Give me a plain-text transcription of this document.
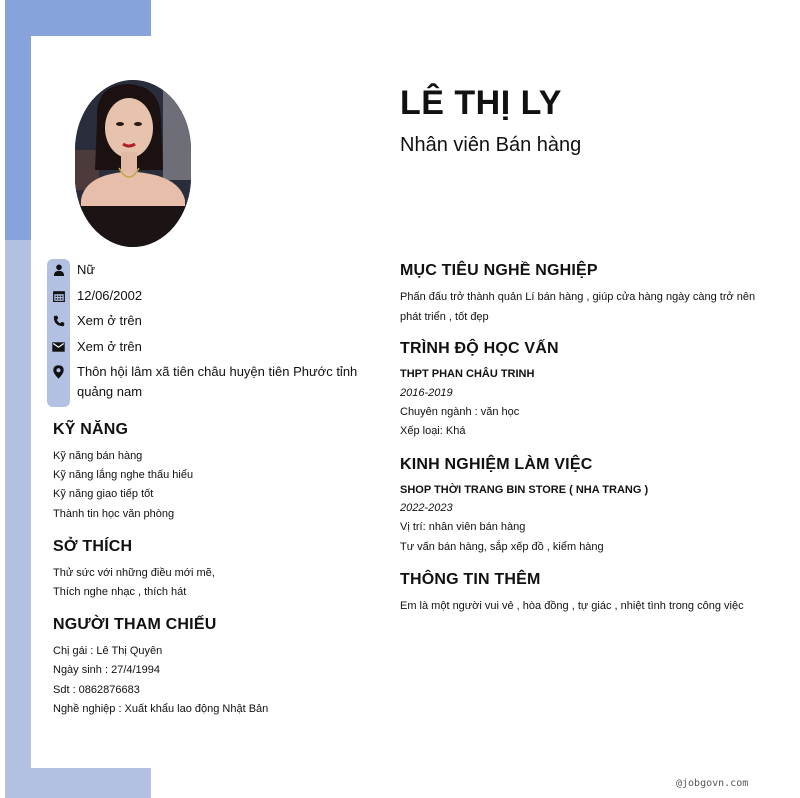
LÊ THỊ LY
Nhân viên Bán hàng
Nữ
12/06/2002
Xem ở trên
Xem ở trên
Thôn hội lâm xã tiên châu huyện tiên Phước tỉnh quảng nam
KỸ NĂNG
Kỹ năng bán hàng
Kỹ năng lắng nghe thấu hiểu
Kỹ năng giao tiếp tốt
Thành tin học văn phòng
SỞ THÍCH
Thử sức với những điều mới mẽ,
Thích nghe nhạc , thích hát
NGƯỜI THAM CHIẾU
Chị gái : Lê Thị Quyên
Ngày sinh : 27/4/1994
Sdt : 0862876683
Nghề nghiệp : Xuất khẩu lao động Nhật Bản
MỤC TIÊU NGHỀ NGHIỆP

Phấn đấu trở thành quản Lí bán hàng , giúp cửa hàng ngày càng trở nên phát triển , tốt đẹp

TRÌNH ĐỘ HỌC VẤN
THPT PHAN CHÂU TRINH
2016-2019
Chuyên ngành : văn học
Xếp loại: Khá
KINH NGHIỆM LÀM VIỆC
SHOP THỜI TRANG BIN STORE ( NHA TRANG )
2022-2023
Vị trí: nhân viên bán hàng
Tư vấn bán hàng, sắp xếp đồ , kiểm hàng
THÔNG TIN THÊM
Em là một người vui vẻ , hòa đồng , tự giác , nhiệt tình trong công việc
@jobgovn.com
